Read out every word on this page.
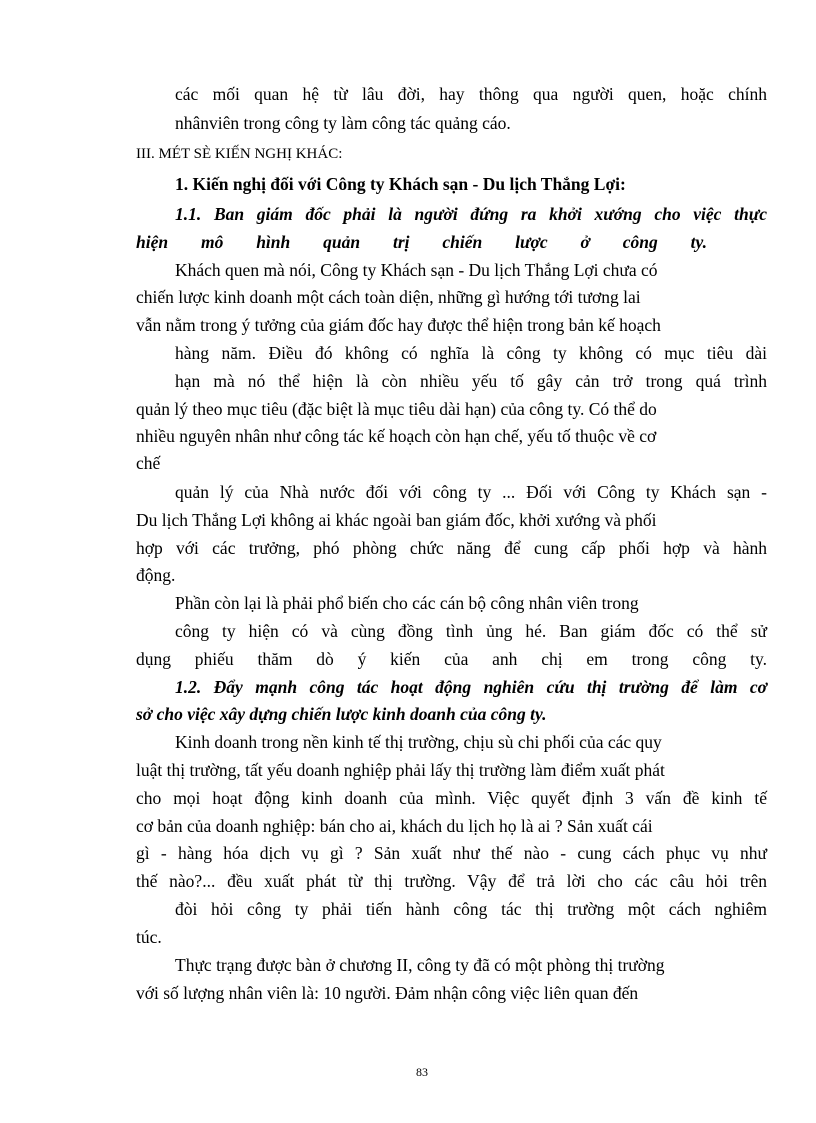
các mối quan hệ từ lâu đời, hay thông qua người quen, hoặc chính
nhânviên trong công ty làm công tác quảng cáo.
III. MÉT SÈ KIẾN NGHỊ KHÁC:
1. Kiến nghị đối với Công ty Khách sạn - Du lịch Thắng Lợi:
1.1. Ban giám đốc phải là người đứng ra khởi xướng cho việc thực
hiện mô hình quản trị chiến lược ở công ty.
Khách quen mà nói, Công ty Khách sạn - Du lịch Thắng Lợi chưa có
chiến lược kinh doanh một cách toàn diện, những gì hướng tới tương lai
vẫn nằm trong ý tưởng của giám đốc hay được thể hiện trong bản kế hoạch
hàng năm. Điều đó không có nghĩa là công ty không có mục tiêu dài
hạn mà nó thể hiện là còn nhiều yếu tố gây cản trở trong quá trình
quản lý theo mục tiêu (đặc biệt là mục tiêu dài hạn) của công ty. Có thể do
nhiều nguyên nhân như công tác kế hoạch còn hạn chế, yếu tố thuộc về cơ
chế
quản lý của Nhà nước đối với công ty ... Đối với Công ty Khách sạn -
Du lịch Thắng Lợi không ai khác ngoài ban giám đốc, khởi xướng và phối
hợp với các trưởng, phó phòng chức năng để cung cấp phối hợp và hành
động.
Phần còn lại là phải phổ biến cho các cán bộ công nhân viên trong
công ty hiện có và cùng đồng tình ủng hé. Ban giám đốc có thể sử
dụng phiếu thăm dò ý kiến của anh chị em trong công ty.
1.2. Đẩy mạnh công tác hoạt động nghiên cứu thị trường để làm cơ
sở cho việc xây dựng chiến lược kinh doanh của công ty.
Kinh doanh trong nền kinh tế thị trường, chịu sù chi phối của các quy
luật thị trường, tất yếu doanh nghiệp phải lấy thị trường làm điểm xuất phát
cho mọi hoạt động kinh doanh của mình. Việc quyết định 3 vấn đề kinh tế
cơ bản của doanh nghiệp: bán cho ai, khách du lịch họ là ai ? Sản xuất cái
gì - hàng hóa dịch vụ gì ? Sản xuất như thế nào - cung cách phục vụ như
thế nào?... đều xuất phát từ thị trường. Vậy để trả lời cho các câu hỏi trên
đòi hỏi công ty phải tiến hành công tác thị trường một cách nghiêm
túc.
Thực trạng được bàn ở chương II, công ty đã có một phòng thị trường
với số lượng nhân viên là: 10 người. Đảm nhận công việc liên quan đến
83
